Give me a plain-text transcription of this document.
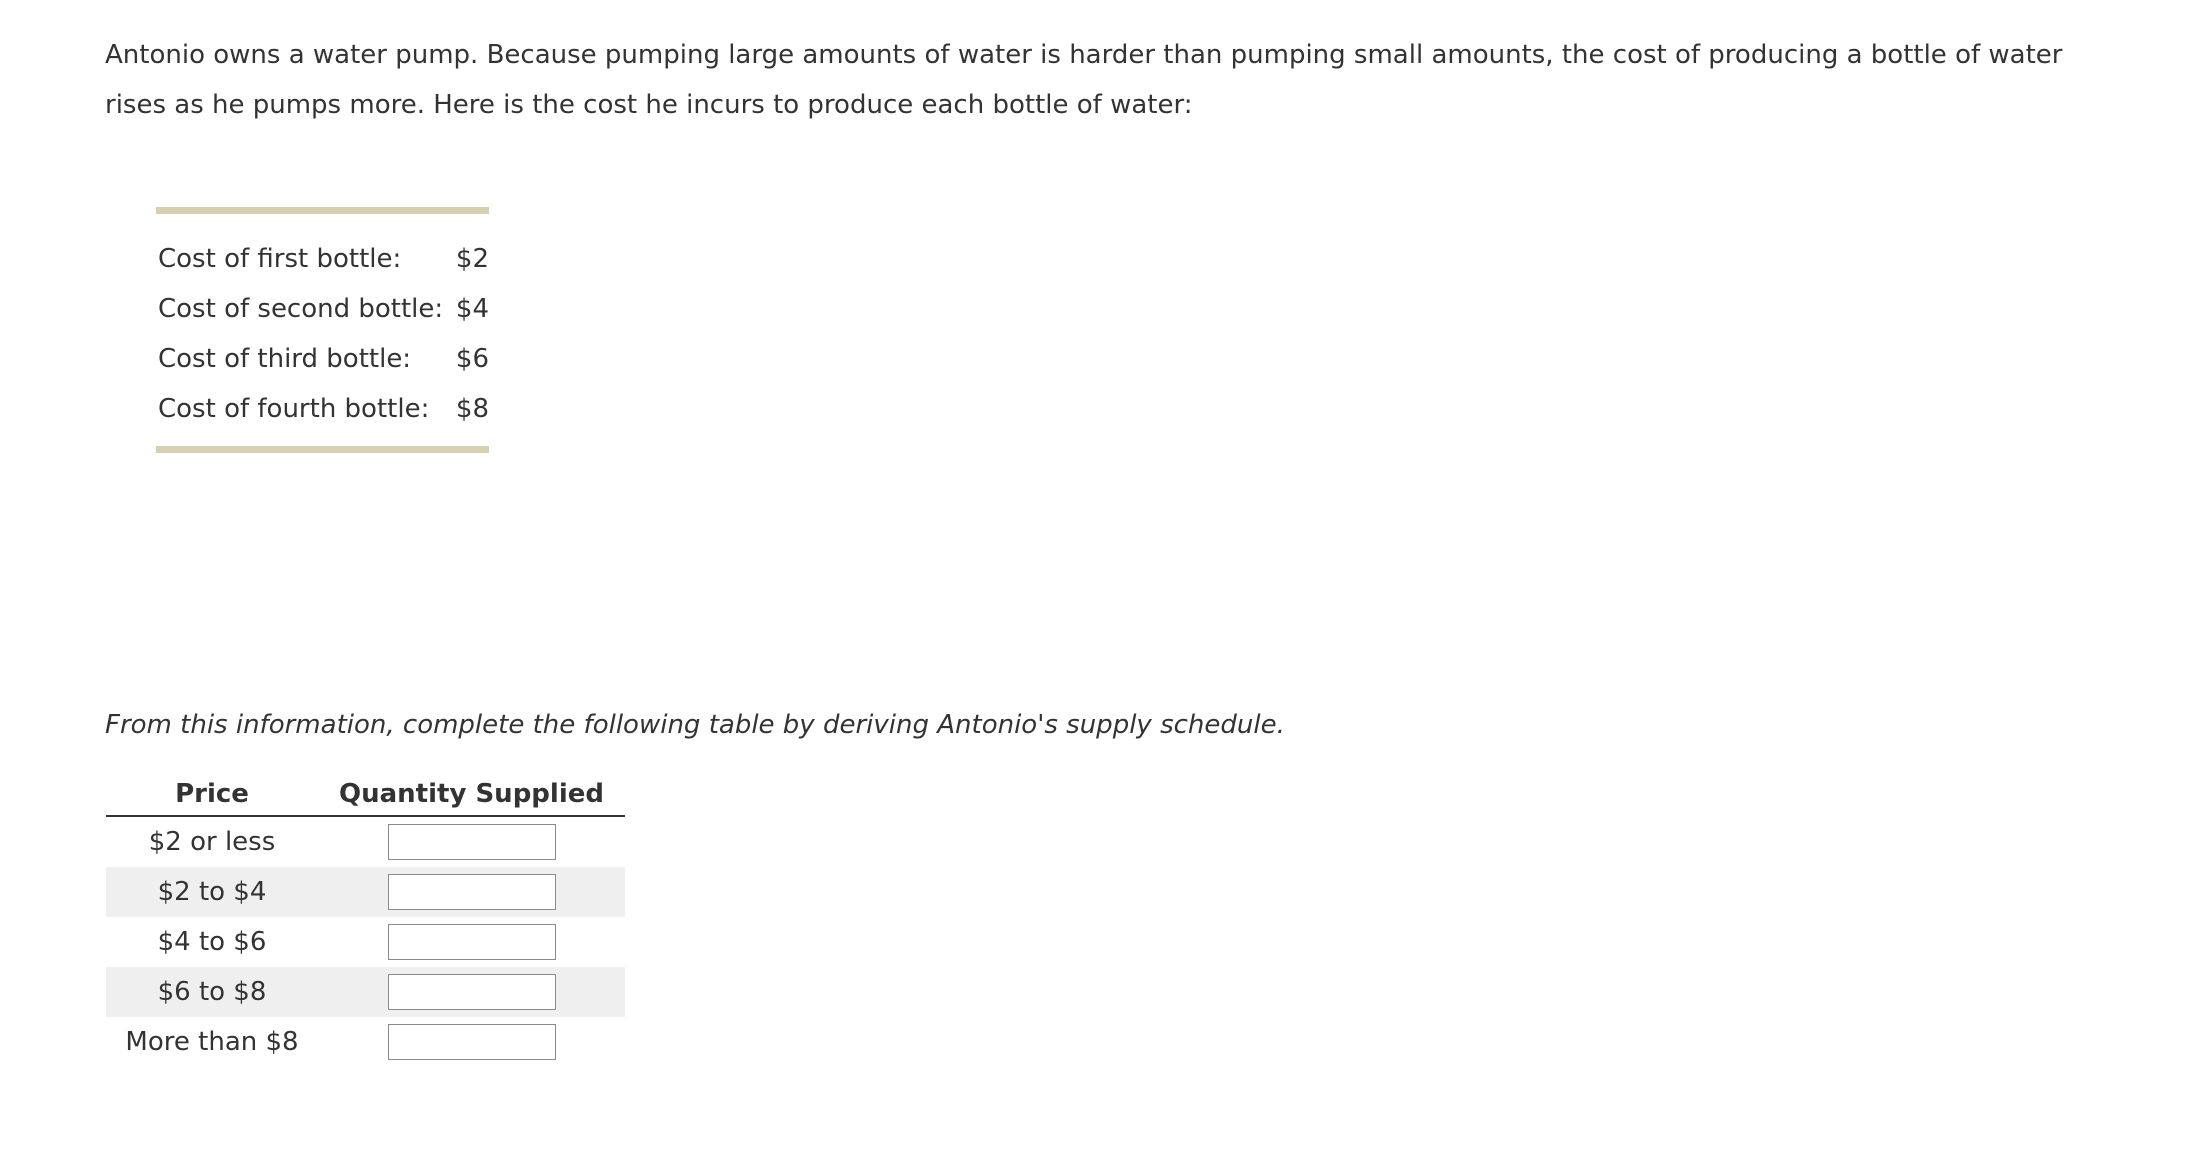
Antonio owns a water pump. Because pumping large amounts of water is harder than pumping small amounts, the cost of producing a bottle of water
rises as he pumps more. Here is the cost he incurs to produce each bottle of water:
Cost of first bottle: $2
Cost of second bottle: $4
Cost of third bottle: $6
Cost of fourth bottle: $8

From this information, complete the following table by deriving Antonio's supply schedule.

Price	Quantity Supplied
$2 or less	

$2 to $4	

$4 to $6	

$6 to $8	

More than $8	
